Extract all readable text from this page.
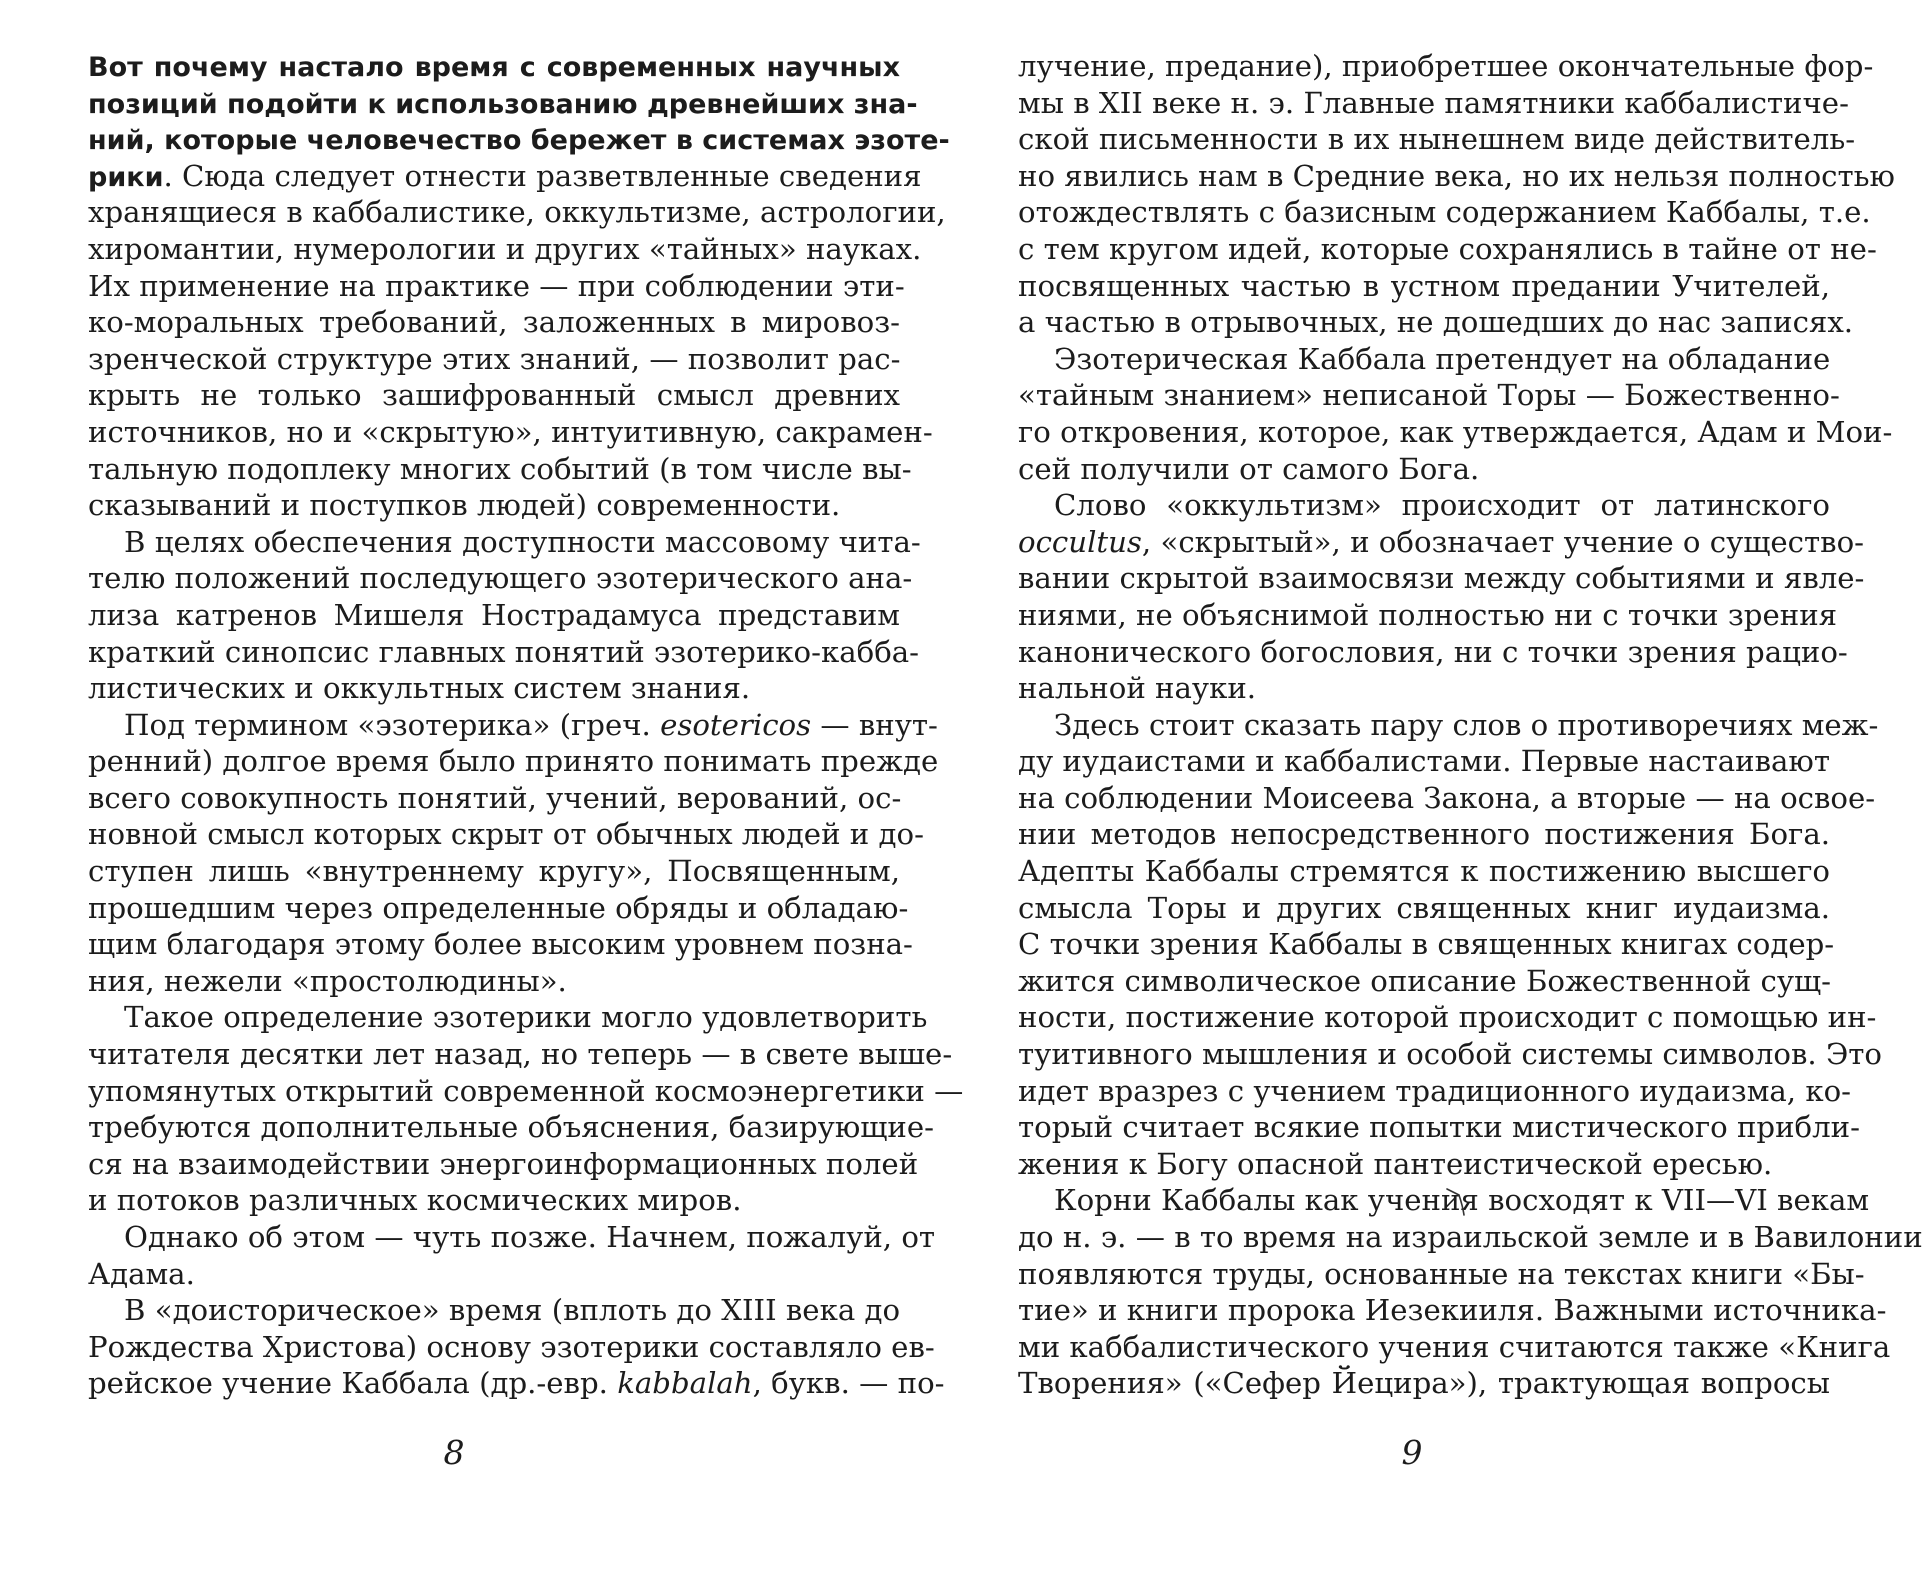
Вот почему настало время с современных научных
позиций подойти к использованию древнейших зна-
ний, которые человечество бережет в системах эзоте-
рики. Сюда следует отнести разветвленные сведения
хранящиеся в каббалистике, оккультизме, астрологии,
хиромантии, нумерологии и других «тайных» науках.
Их применение на практике — при соблюдении эти-
ко-моральных требований, заложенных в мировоз-
зренческой структуре этих знаний, — позволит рас-
крыть не только зашифрованный смысл древних
источников, но и «скрытую», интуитивную, сакрамен-
тальную подоплеку многих событий (в том числе вы-
сказываний и поступков людей) современности.
В целях обеспечения доступности массовому чита-
телю положений последующего эзотерического ана-
лиза катренов Мишеля Нострадамуса представим
краткий синопсис главных понятий эзотерико-кабба-
листических и оккультных систем знания.
Под термином «эзотерика» (греч. esotericos — внут-
ренний) долгое время было принято понимать прежде
всего совокупность понятий, учений, верований, ос-
новной смысл которых скрыт от обычных людей и до-
ступен лишь «внутреннему кругу», Посвященным,
прошедшим через определенные обряды и обладаю-
щим благодаря этому более высоким уровнем позна-
ния, нежели «простолюдины».
Такое определение эзотерики могло удовлетворить
читателя десятки лет назад, но теперь — в свете выше-
упомянутых открытий современной космоэнергетики —
требуются дополнительные объяснения, базирующие-
ся на взаимодействии энергоинформационных полей
и потоков различных космических миров.
Однако об этом — чуть позже. Начнем, пожалуй, от
Адама.
В «доисторическое» время (вплоть до XIII века до
Рождества Христова) основу эзотерики составляло ев-
рейское учение Каббала (др.-евр. kabbalah, букв. — по-
8
лучение, предание), приобретшее окончательные фор-
мы в XII веке н. э. Главные памятники каббалистиче-
ской письменности в их нынешнем виде действитель-
но явились нам в Средние века, но их нельзя полностью
отождествлять с базисным содержанием Каббалы, т.е.
с тем кругом идей, которые сохранялись в тайне от не-
посвященных частью в устном предании Учителей,
а частью в отрывочных, не дошедших до нас записях.
Эзотерическая Каббала претендует на обладание
«тайным знанием» неписаной Торы — Божественно-
го откровения, которое, как утверждается, Адам и Мои-
сей получили от самого Бога.
Слово «оккультизм» происходит от латинского
occultus, «скрытый», и обозначает учение о существо-
вании скрытой взаимосвязи между событиями и явле-
ниями, не объяснимой полностью ни с точки зрения
канонического богословия, ни с точки зрения рацио-
нальной науки.
Здесь стоит сказать пару слов о противоречиях меж-
ду иудаистами и каббалистами. Первые настаивают
на соблюдении Моисеева Закона, а вторые — на освое-
нии методов непосредственного постижения Бога.
Адепты Каббалы стремятся к постижению высшего
смысла Торы и других священных книг иудаизма.
С точки зрения Каббалы в священных книгах содер-
жится символическое описание Божественной сущ-
ности, постижение которой происходит с помощью ин-
туитивного мышления и особой системы символов. Это
идет вразрез с учением традиционного иудаизма, ко-
торый считает всякие попытки мистического прибли-
жения к Богу опасной пантеистической ересью.
Корни Каббалы как учения восходят к VII—VI векам
до н. э. — в то время на израильской земле и в Вавилонии
появляются труды, основанные на текстах книги «Бы-
тие» и книги пророка Иезекииля. Важными источника-
ми каббалистического учения считаются также «Книга
Творения» («Сефер Йецира»), трактующая вопросы
9
